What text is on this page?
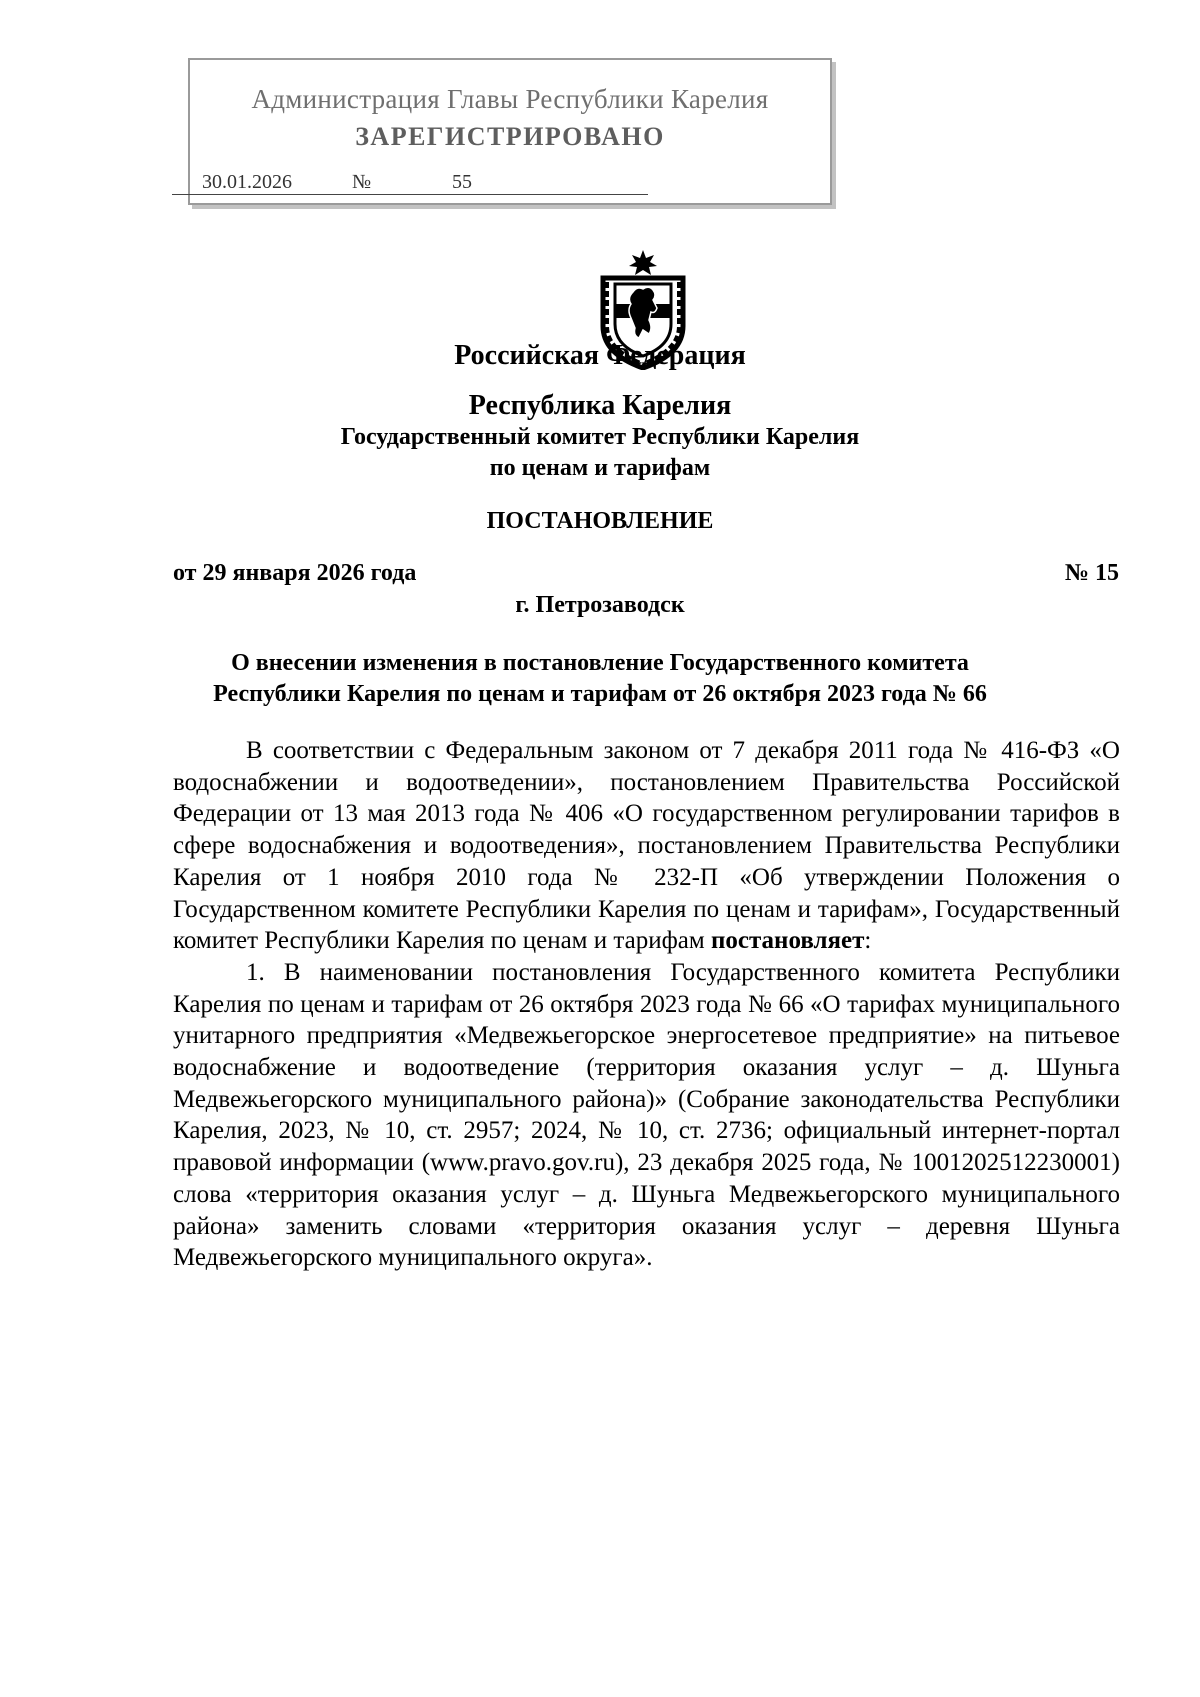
Администрация Главы Республики Карелия
ЗАРЕГИСТРИРОВАНО
30.01.2026	№	55
Российская Федерация
Республика Карелия
Государственный комитет Республики Карелия
по ценам и тарифам
ПОСТАНОВЛЕНИЕ
от 29 января 2026 года	№ 15
г. Петрозаводск
О внесении изменения в постановление Государственного комитета
Республики Карелия по ценам и тарифам от 26 октября 2023 года № 66

В соответствии с Федеральным законом от 7 декабря 2011 года № 416-ФЗ «О водоснабжении и водоотведении», постановлением Правительства Российской Федерации от 13 мая 2013 года № 406 «О государственном регулировании тарифов в сфере водоснабжения и водоотведения», постановлением Правительства Республики Карелия от 1 ноября 2010 года № 232-П «Об утверждении Положения о Государственном комитете Республики Карелия по ценам и тарифам», Государственный комитет Республики Карелия по ценам и тарифам постановляет:

1. В наименовании постановления Государственного комитета Республики Карелия по ценам и тарифам от 26 октября 2023 года № 66 «О тарифах муниципального унитарного предприятия «Медвежьегорское энергосетевое предприятие» на питьевое водоснабжение и водоотведение (территория оказания услуг – д. Шуньга Медвежьегорского муниципального района)» (Собрание законодательства Республики Карелия, 2023, № 10, ст. 2957; 2024, № 10, ст. 2736; официальный интернет-портал правовой информации (www.pravo.gov.ru), 23 декабря 2025 года, № 1001202512230001) слова «территория оказания услуг – д. Шуньга Медвежьегорского муниципального района» заменить словами «территория оказания услуг – деревня Шуньга Медвежьегорского муниципального округа».
